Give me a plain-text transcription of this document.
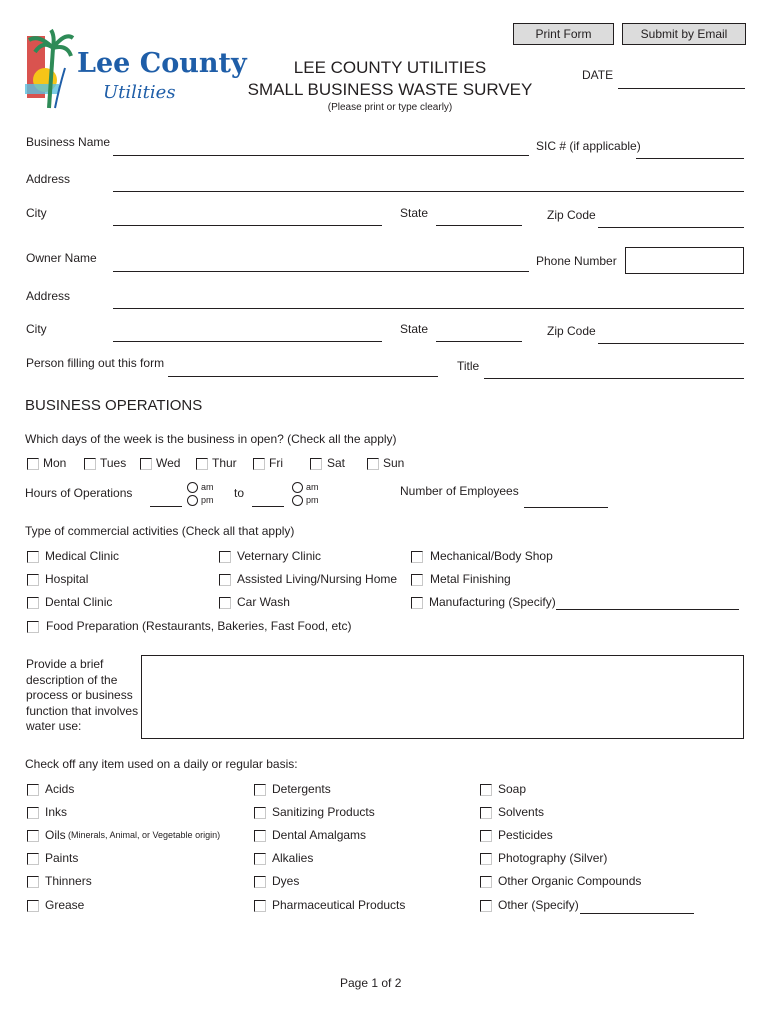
Print Form	Submit by Email
Lee County
Utilities
LEE COUNTY UTILITIES
SMALL BUSINESS WASTE SURVEY
(Please print or type clearly)
DATE
Business Name	SIC # (if applicable)
Address
City	State	Zip Code
Owner Name	Phone Number
Address
City	State	Zip Code
Person filling out this form	Title
BUSINESS OPERATIONS
Which days of the week is the business in open? (Check all the apply)
Mon	Tues Wed	Thur	Fri	Sat	Sun
Hours of Operations	am
pm to	am
pm
Number of Employees
Type of commercial activities (Check all that apply)
Medical Clinic
Hospital
Dental Clinic
Veternary Clinic
Assisted Living/Nursing Home
Car Wash
Mechanical/Body Shop
Metal Finishing
Manufacturing (Specify)
Food Preparation (Restaurants, Bakeries, Fast Food, etc)
Provide a brief
description of the
process or business
function that involves
water use:
Check off any item used on a daily or regular basis:
Acids
Inks
Oils (Minerals, Animal, or Vegetable origin)
Paints
Thinners
Grease
Detergents
Sanitizing Products
Dental Amalgams
Alkalies
Dyes
Pharmaceutical Products
Soap
Solvents
Pesticides
Photography (Silver)
Other Organic Compounds
Other (Specify)
Page 1 of 2
